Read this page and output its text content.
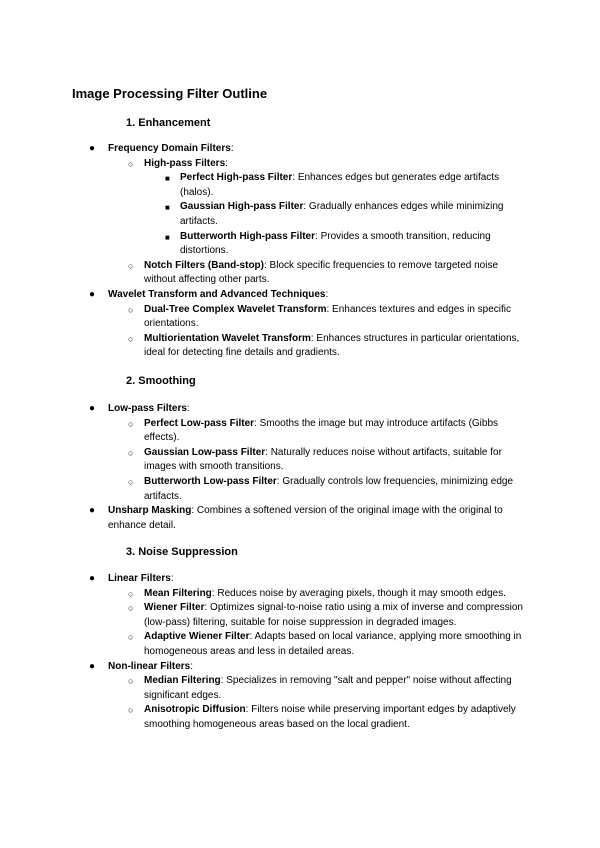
Image Processing Filter Outline
1. Enhancement
● Frequency Domain Filters:
○ High-pass Filters:
■ Perfect High-pass Filter: Enhances edges but generates edge artifacts (halos).
■ Gaussian High-pass Filter: Gradually enhances edges while minimizing artifacts.
■ Butterworth High-pass Filter: Provides a smooth transition, reducing distortions.
○ Notch Filters (Band-stop): Block specific frequencies to remove targeted noise without affecting other parts.
● Wavelet Transform and Advanced Techniques:
○ Dual-Tree Complex Wavelet Transform: Enhances textures and edges in specific orientations.
○ Multiorientation Wavelet Transform: Enhances structures in particular orientations, ideal for detecting fine details and gradients.
2. Smoothing
● Low-pass Filters:
○ Perfect Low-pass Filter: Smooths the image but may introduce artifacts (Gibbs effects).
○ Gaussian Low-pass Filter: Naturally reduces noise without artifacts, suitable for images with smooth transitions.
○ Butterworth Low-pass Filter: Gradually controls low frequencies, minimizing edge artifacts.
● Unsharp Masking: Combines a softened version of the original image with the original to enhance detail.
3. Noise Suppression
● Linear Filters:
○ Mean Filtering: Reduces noise by averaging pixels, though it may smooth edges.
○ Wiener Filter: Optimizes signal-to-noise ratio using a mix of inverse and compression (low-pass) filtering, suitable for noise suppression in degraded images.
○ Adaptive Wiener Filter: Adapts based on local variance, applying more smoothing in homogeneous areas and less in detailed areas.
● Non-linear Filters:
○ Median Filtering: Specializes in removing "salt and pepper" noise without affecting significant edges.
○ Anisotropic Diffusion: Filters noise while preserving important edges by adaptively smoothing homogeneous areas based on the local gradient.
